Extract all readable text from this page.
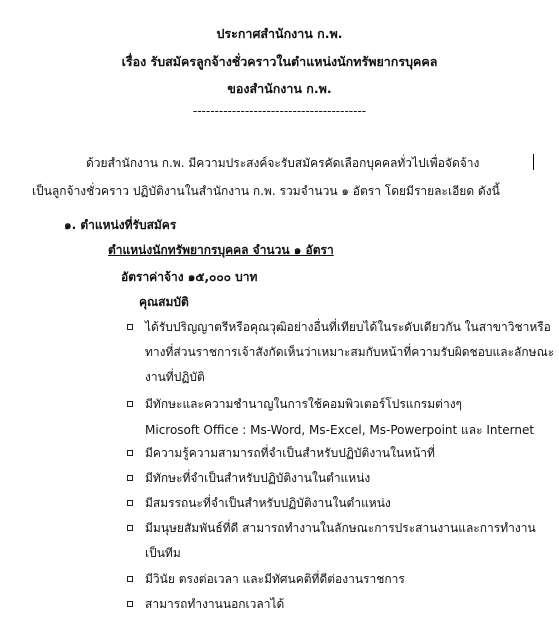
ประกาศสำนักงาน ก.พ.
เรื่อง รับสมัครลูกจ้างชั่วคราวในตำแหน่งนักทรัพยากรบุคคล
ของสำนักงาน ก.พ.
----------------------------------------
ด้วยสำนักงาน ก.พ. มีความประสงค์จะรับสมัครคัดเลือกบุคคลทั่วไปเพื่อจัดจ้าง
เป็นลูกจ้างชั่วคราว ปฏิบัติงานในสำนักงาน ก.พ. รวมจำนวน ๑ อัตรา โดยมีรายละเอียด ดังนี้
๑. ตำแหน่งที่รับสมัคร
ตำแหน่งนักทรัพยากรบุคคล จำนวน ๑ อัตรา
อัตราค่าจ้าง ๑๕,๐๐๐ บาท
คุณสมบัติ
ได้รับปริญญาตรีหรือคุณวุฒิอย่างอื่นที่เทียบได้ในระดับเดียวกัน ในสาขาวิชาหรือ
ทางที่ส่วนราชการเจ้าสังกัดเห็นว่าเหมาะสมกับหน้าที่ความรับผิดชอบและลักษณะ
งานที่ปฏิบัติ
มีทักษะและความชำนาญในการใช้คอมพิวเตอร์โปรแกรมต่างๆ
Microsoft Office : Ms-Word, Ms-Excel, Ms-Powerpoint และ Internet
มีความรู้ความสามารถที่จำเป็นสำหรับปฏิบัติงานในหน้าที่
มีทักษะที่จำเป็นสำหรับปฏิบัติงานในตำแหน่ง
มีสมรรถนะที่จำเป็นสำหรับปฏิบัติงานในตำแหน่ง
มีมนุษยสัมพันธ์ที่ดี สามารถทำงานในลักษณะการประสานงานและการทำงาน
เป็นทีม
มีวินัย ตรงต่อเวลา และมีทัศนคติที่ดีต่องานราชการ
สามารถทำงานนอกเวลาได้
